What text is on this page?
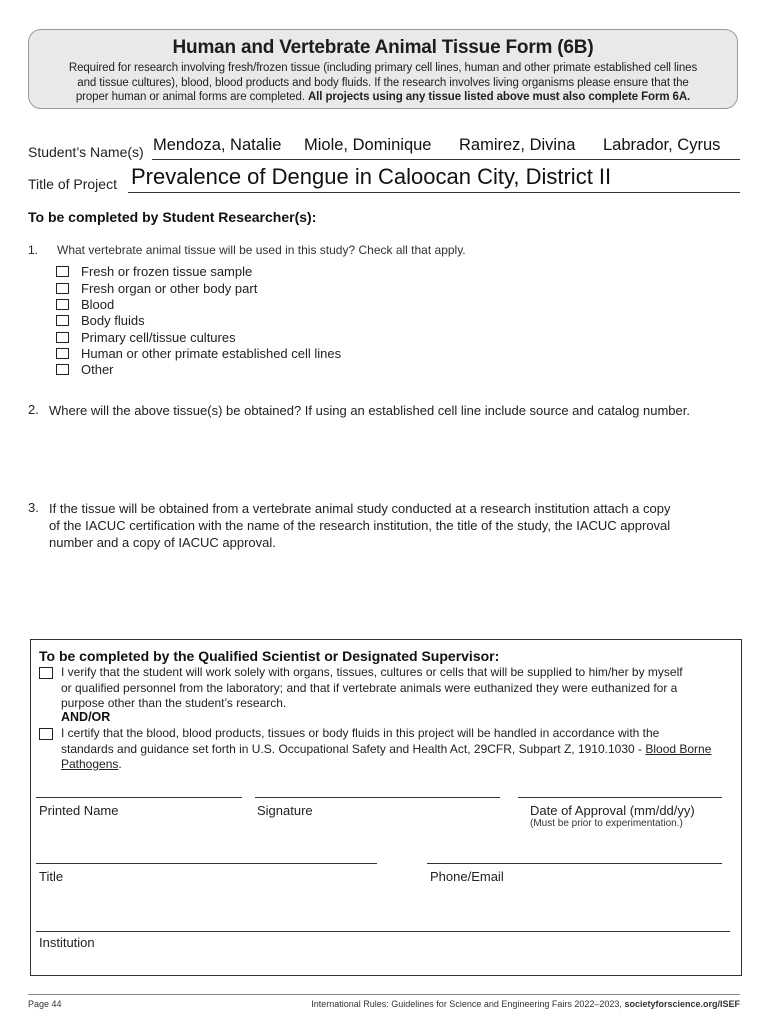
Human and Vertebrate Animal Tissue Form (6B)
Required for research involving fresh/frozen tissue (including primary cell lines, human and other primate established cell lines
and tissue cultures), blood, blood products and body fluids. If the research involves living organisms please ensure that the
proper human or animal forms are completed. All projects using any tissue listed above must also complete Form 6A.
Student’s Name(s) Mendoza, Natalie Miole, Dominique Ramirez, Divina Labrador, Cyrus
Title of Project Prevalence of Dengue in Caloocan City, District II
To be completed by Student Researcher(s):
1. What vertebrate animal tissue will be used in this study? Check all that apply.
Fresh or frozen tissue sample
Fresh organ or other body part
Blood
Body fluids
Primary cell/tissue cultures
Human or other primate established cell lines
Other
2. Where will the above tissue(s) be obtained? If using an established cell line include source and catalog number.
3. If the tissue will be obtained from a vertebrate animal study conducted at a research institution attach a copy
of the IACUC certification with the name of the research institution, the title of the study, the IACUC approval
number and a copy of IACUC approval.
To be completed by the Qualified Scientist or Designated Supervisor:
I verify that the student will work solely with organs, tissues, cultures or cells that will be supplied to him/her by myself
or qualified personnel from the laboratory; and that if vertebrate animals were euthanized they were euthanized for a
purpose other than the student’s research.
AND/OR
I certify that the blood, blood products, tissues or body fluids in this project will be handled in accordance with the
standards and guidance set forth in U.S. Occupational Safety and Health Act, 29CFR, Subpart Z, 1910.1030 - Blood Borne
Pathogens.
Printed Name	Signature	Date of Approval (mm/dd/yy)
(Must be prior to experimentation.)
Title	Phone/Email
Institution
Page 44	International Rules: Guidelines for Science and Engineering Fairs 2022–2023, societyforscience.org/ISEF
